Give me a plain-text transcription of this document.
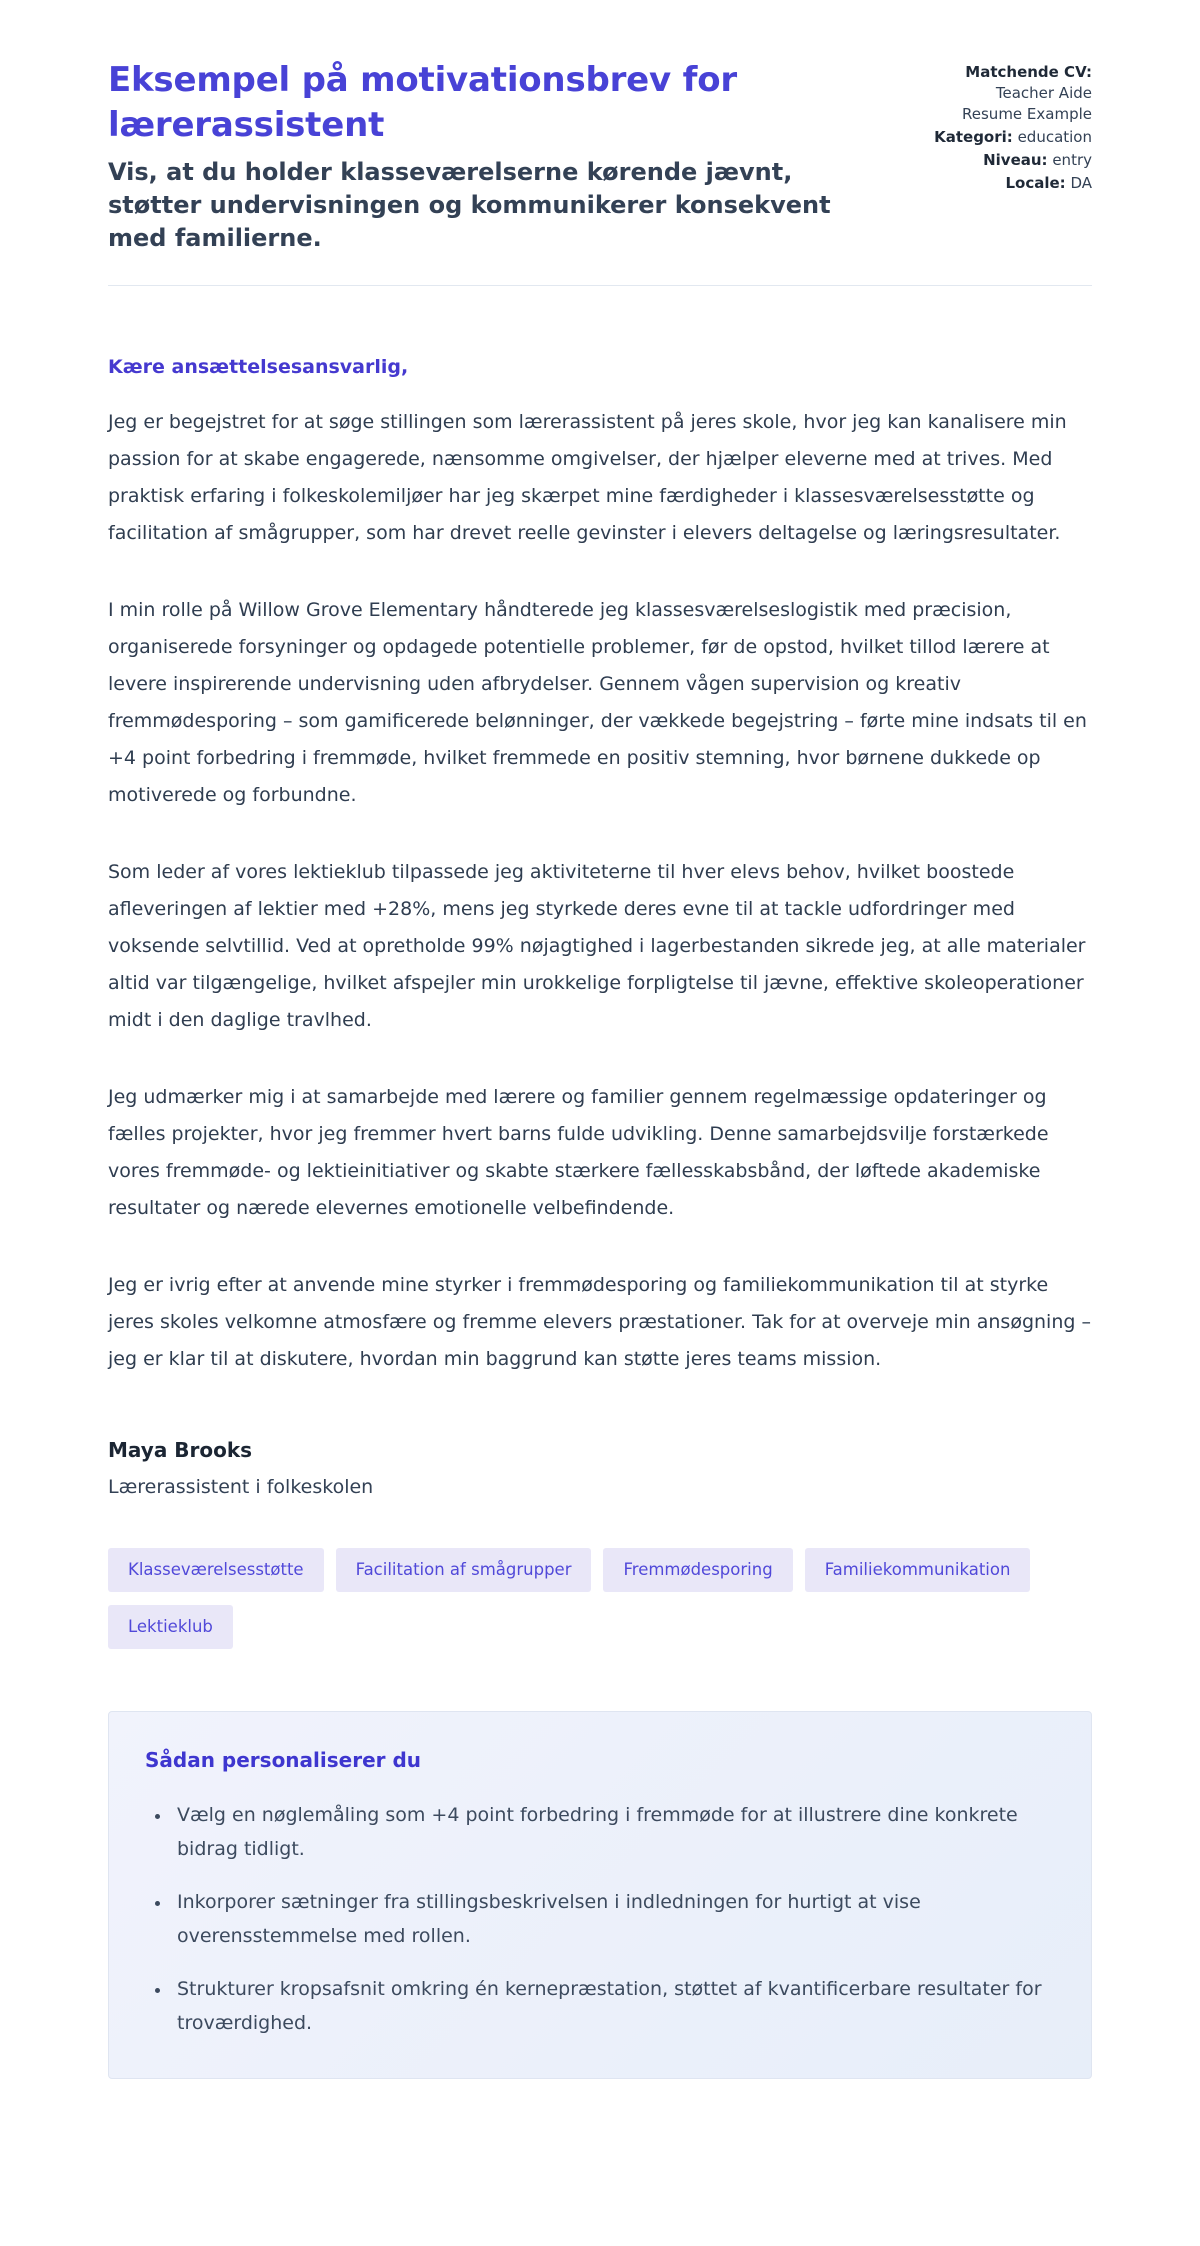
Eksempel på motivationsbrev for lærerassistent

Vis, at du holder klasseværelserne kørende jævnt, støtter undervisningen og kommunikerer konsekvent med familierne.

Matchende CV:
Teacher Aide Resume Example
Kategori: education
Niveau: entry
Locale: DA

Kære ansættelsesansvarlig,

Jeg er begejstret for at søge stillingen som lærerassistent på jeres skole, hvor jeg kan kanalisere min passion for at skabe engagerede, nænsomme omgivelser, der hjælper eleverne med at trives. Med praktisk erfaring i folkeskolemiljøer har jeg skærpet mine færdigheder i klassesværelsesstøtte og facilitation af smågrupper, som har drevet reelle gevinster i elevers deltagelse og læringsresultater.

I min rolle på Willow Grove Elementary håndterede jeg klassesværelseslogistik med præcision, organiserede forsyninger og opdagede potentielle problemer, før de opstod, hvilket tillod lærere at levere inspirerende undervisning uden afbrydelser. Gennem vågen supervision og kreativ fremmødesporing – som gamificerede belønninger, der vækkede begejstring – førte mine indsats til en +4 point forbedring i fremmøde, hvilket fremmede en positiv stemning, hvor børnene dukkede op motiverede og forbundne.

Som leder af vores lektieklub tilpassede jeg aktiviteterne til hver elevs behov, hvilket boostede afleveringen af lektier med +28%, mens jeg styrkede deres evne til at tackle udfordringer med voksende selvtillid. Ved at opretholde 99% nøjagtighed i lagerbestanden sikrede jeg, at alle materialer altid var tilgængelige, hvilket afspejler min urokkelige forpligtelse til jævne, effektive skoleoperationer midt i den daglige travlhed.

Jeg udmærker mig i at samarbejde med lærere og familier gennem regelmæssige opdateringer og fælles projekter, hvor jeg fremmer hvert barns fulde udvikling. Denne samarbejdsvilje forstærkede vores fremmøde- og lektieinitiativer og skabte stærkere fællesskabsbånd, der løftede akademiske resultater og nærede elevernes emotionelle velbefindende.

Jeg er ivrig efter at anvende mine styrker i fremmødesporing og familiekommunikation til at styrke jeres skoles velkomne atmosfære og fremme elevers præstationer. Tak for at overveje min ansøgning – jeg er klar til at diskutere, hvordan min baggrund kan støtte jeres teams mission.

Maya Brooks

Lærerassistent i folkeskolen

Klasseværelsesstøtte	Facilitation af smågrupper	Fremmødesporing	Familiekommunikation
Lektieklub
Sådan personaliserer du
• Vælg en nøglemåling som +4 point forbedring i fremmøde for at illustrere dine konkrete bidrag tidligt.
• Inkorporer sætninger fra stillingsbeskrivelsen i indledningen for hurtigt at vise overensstemmelse med rollen.
• Strukturer kropsafsnit omkring én kernepræstation, støttet af kvantificerbare resultater for troværdighed.
